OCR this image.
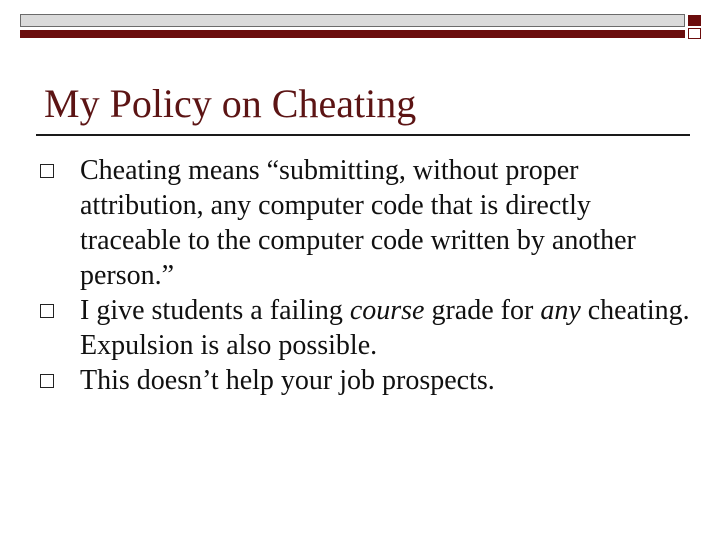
My Policy on Cheating
Cheating means “submitting, without proper attribution, any computer code that is directly traceable to the computer code written by another person.”
I give students a failing course grade for any cheating. Expulsion is also possible.
This doesn’t help your job prospects.
